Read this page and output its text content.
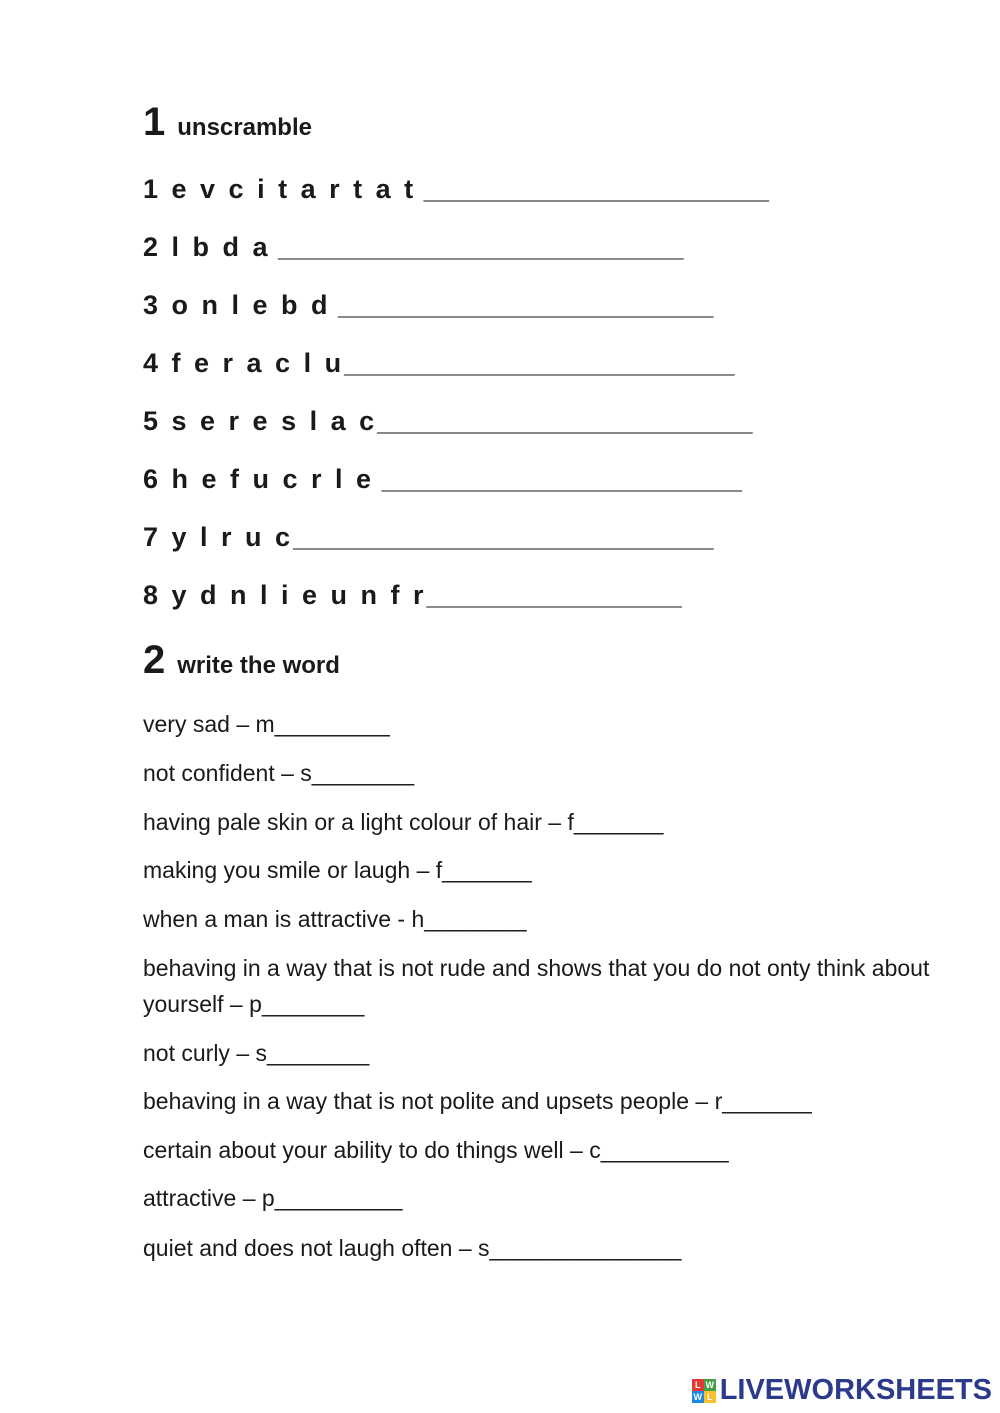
1 unscramble
1 e v c i t a r t a t _______________________
2 l b d a ___________________________
3 o n l e b d _________________________
4 f e r a c l u__________________________
5 s e r e s l a c_________________________
6 h e f u c r l e ________________________
7 y l r u c____________________________
8 y d n l i e u n f r_________________
2 write the word
very sad – m_________
not confident – s________
having pale skin or a light colour of hair – f_______
making you smile or laugh – f_______
when a man is attractive - h________
behaving in a way that is not rude and shows that you do not onty think about yourself – p________
not curly – s________
behaving in a way that is not polite and upsets people – r_______
certain about your ability to do things well – c__________
attractive – p__________
quiet and does not laugh often – s_______________
L W
W L LIVEWORKSHEETS
